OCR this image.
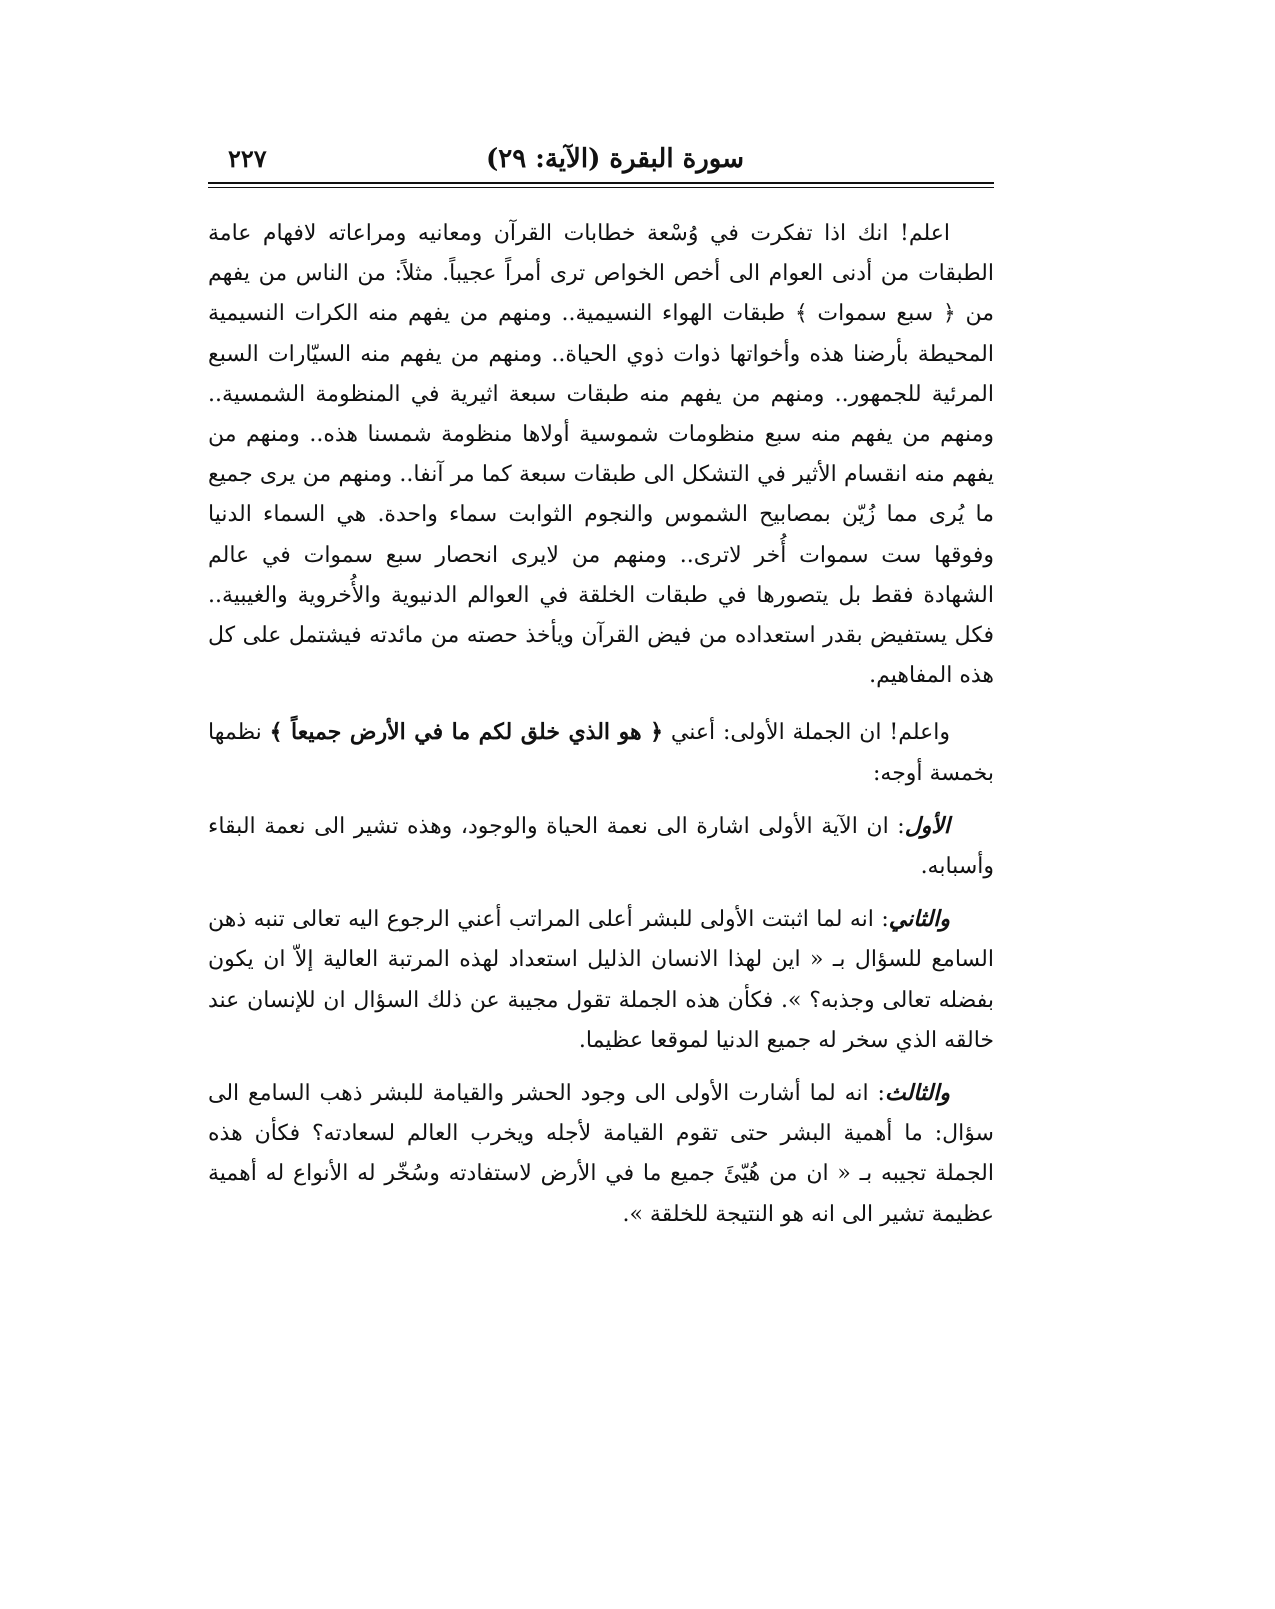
سورة البقرة (الآية: ٢٩)
٢٢٧

اعلم! انك اذا تفكرت في وُسْعة خطابات القرآن ومعانيه ومراعاته لافهام عامة الطبقات من أدنى العوام الى أخص الخواص ترى أمراً عجيباً. مثلاً: من الناس من يفهم من ﴿ سبع سموات ﴾ طبقات الهواء النسيمية.. ومنهم من يفهم منه الكرات النسيمية المحيطة بأرضنا هذه وأخواتها ذوات ذوي الحياة.. ومنهم من يفهم منه السيّارات السبع المرئية للجمهور.. ومنهم من يفهم منه طبقات سبعة اثيرية في المنظومة الشمسية.. ومنهم من يفهم منه سبع منظومات شموسية أولاها منظومة شمسنا هذه.. ومنهم من يفهم منه انقسام الأثير في التشكل الى طبقات سبعة كما مر آنفا.. ومنهم من يرى جميع ما يُرى مما زُيّن بمصابيح الشموس والنجوم الثوابت سماء واحدة. هي السماء الدنيا وفوقها ست سموات أُخر لاترى.. ومنهم من لايرى انحصار سبع سموات في عالم الشهادة فقط بل يتصورها في طبقات الخلقة في العوالم الدنيوية والأُخروية والغيبية.. فكل يستفيض بقدر استعداده من فيض القرآن ويأخذ حصته من مائدته فيشتمل على كل هذه المفاهيم.

واعلم! ان الجملة الأولى: أعني ﴿ هو الذي خلق لكم ما في الأرض جميعاً ﴾ نظمها بخمسة أوجه:

الأول: ان الآية الأولى اشارة الى نعمة الحياة والوجود، وهذه تشير الى نعمة البقاء وأسبابه.

والثاني: انه لما اثبتت الأولى للبشر أعلى المراتب أعني الرجوع اليه تعالى تنبه ذهن السامع للسؤال بـ « اين لهذا الانسان الذليل استعداد لهذه المرتبة العالية إلاّ ان يكون بفضله تعالى وجذبه؟ ». فكأن هذه الجملة تقول مجيبة عن ذلك السؤال ان للإنسان عند خالقه الذي سخر له جميع الدنيا لموقعا عظيما.

والثالث: انه لما أشارت الأولى الى وجود الحشر والقيامة للبشر ذهب السامع الى سؤال: ما أهمية البشر حتى تقوم القيامة لأجله ويخرب العالم لسعادته؟ فكأن هذه الجملة تجيبه بـ « ان من هُيّئَ جميع ما في الأرض لاستفادته وسُخّر له الأنواع له أهمية عظيمة تشير الى انه هو النتيجة للخلقة ».
